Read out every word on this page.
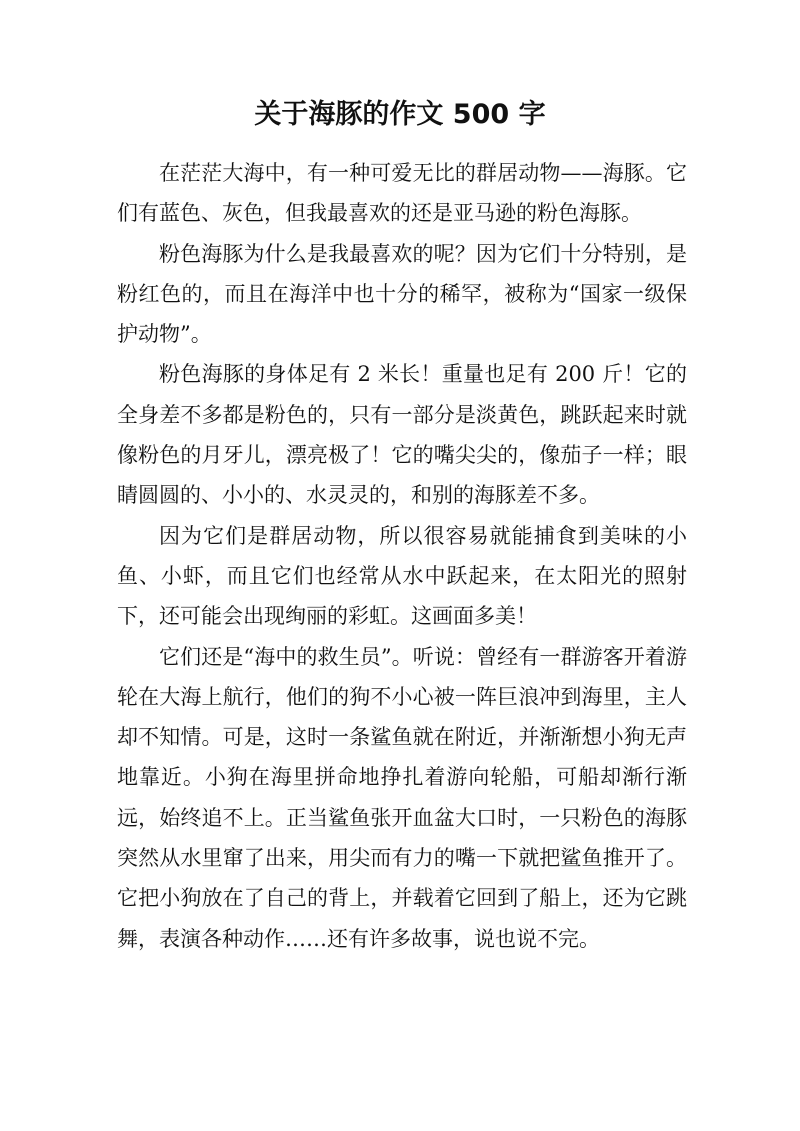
关于海豚的作文 500 字

在茫茫大海中，有一种可爱无比的群居动物——海豚。它们有蓝色、灰色，但我最喜欢的还是亚马逊的粉色海豚。

粉色海豚为什么是我最喜欢的呢？因为它们十分特别，是粉红色的，而且在海洋中也十分的稀罕，被称为“国家一级保护动物”。

粉色海豚的身体足有 2 米长！重量也足有 200 斤！它的全身差不多都是粉色的，只有一部分是淡黄色，跳跃起来时就像粉色的月牙儿，漂亮极了！它的嘴尖尖的，像茄子一样；眼睛圆圆的、小小的、水灵灵的，和别的海豚差不多。

因为它们是群居动物，所以很容易就能捕食到美味的小鱼、小虾，而且它们也经常从水中跃起来，在太阳光的照射下，还可能会出现绚丽的彩虹。这画面多美！

它们还是“海中的救生员”。听说：曾经有一群游客开着游轮在大海上航行，他们的狗不小心被一阵巨浪冲到海里，主人却不知情。可是，这时一条鲨鱼就在附近，并渐渐想小狗无声地靠近。小狗在海里拼命地挣扎着游向轮船，可船却渐行渐远，始终追不上。正当鲨鱼张开血盆大口时，一只粉色的海豚突然从水里窜了出来，用尖而有力的嘴一下就把鲨鱼推开了。它把小狗放在了自己的背上，并载着它回到了船上，还为它跳舞，表演各种动作……还有许多故事，说也说不完。
